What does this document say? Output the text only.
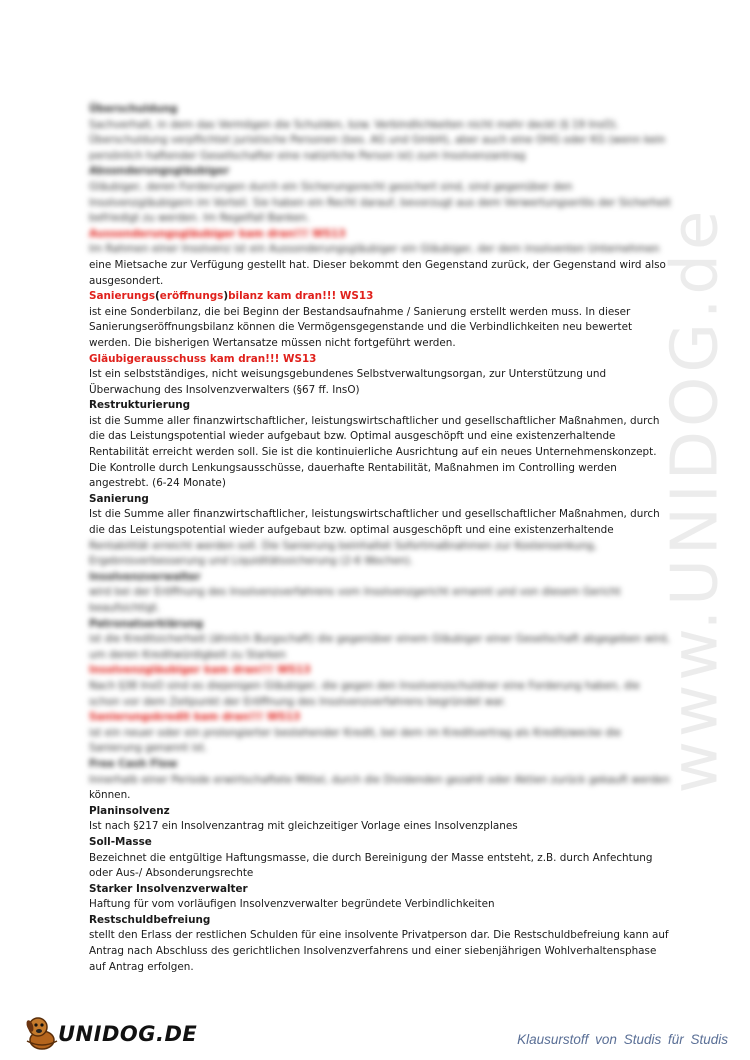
www.UNIDOG.de
Überschuldung
Sachverhalt, in dem das Vermögen die Schulden, bzw. Verbindlichkeiten nicht mehr deckt (§ 19 InsO).
Überschuldung verpflichtet juristische Personen (bes. AG und GmbH), aber auch eine OHG oder KG (wenn kein
persönlich haftender Gesellschafter eine natürliche Person ist) zum Insolvenzantrag
Absonderungsgläubiger
Gläubiger, deren Forderungen durch ein Sicherungsrecht gesichert sind, sind gegenüber den
Insolvenzgläubigern im Vorteil. Sie haben ein Recht darauf, bevorzugt aus dem Verwertungserlös der Sicherheit
befriedigt zu werden. Im Regelfall Banken.
Aussonderungsgläubiger kam dran!!! WS13
Im Rahmen einer Insolvenz ist ein Aussonderungsgläubiger ein Gläubiger, der dem insolventen Unternehmen
eine Mietsache zur Verfügung gestellt hat. Dieser bekommt den Gegenstand zurück, der Gegenstand wird also
ausgesondert.
Sanierungs(eröffnungs)bilanz kam dran!!! WS13
ist eine Sonderbilanz, die bei Beginn der Bestandsaufnahme / Sanierung erstellt werden muss. In dieser
Sanierungseröffnungsbilanz können die Vermögensgegenstande und die Verbindlichkeiten neu bewertet
werden. Die bisherigen Wertansatze müssen nicht fortgeführt werden.
Gläubigerausschuss kam dran!!! WS13
Ist ein selbstständiges, nicht weisungsgebundenes Selbstverwaltungsorgan, zur Unterstützung und
Überwachung des Insolvenzverwalters (§67 ff. InsO)
Restrukturierung
ist die Summe aller finanzwirtschaftlicher, leistungswirtschaftlicher und gesellschaftlicher Maßnahmen, durch
die das Leistungspotential wieder aufgebaut bzw. Optimal ausgeschöpft und eine existenzerhaltende
Rentabilität erreicht werden soll. Sie ist die kontinuierliche Ausrichtung auf ein neues Unternehmenskonzept.
Die Kontrolle durch Lenkungsausschüsse, dauerhafte Rentabilität, Maßnahmen im Controlling werden
angestrebt. (6-24 Monate)
Sanierung
Ist die Summe aller finanzwirtschaftlicher, leistungswirtschaftlicher und gesellschaftlicher Maßnahmen, durch
die das Leistungspotential wieder aufgebaut bzw. optimal ausgeschöpft und eine existenzerhaltende
Rentabilität erreicht werden soll. Die Sanierung beinhaltet Sofortmaßnahmen zur Kostensenkung,
Ergebnisverbesserung und Liquiditätssicherung (2-6 Wochen).
Insolvenzverwalter
wird bei der Eröffnung des Insolvenzverfahrens vom Insolvenzgericht ernannt und von diesem Gericht
beaufsichtigt.
Patronatserklärung
ist die Kreditsicherheit (ähnlich Burgschaft) die gegenüber einem Gläubiger einer Gesellschaft abgegeben wird,
um deren Kreditwürdigkeit zu Starken
Insolvenzgläubiger kam dran!!! WS13
Nach §38 InsO sind es diejenigen Gläubiger, die gegen den Insolvenzschuldner eine Forderung haben, die
schon vor dem Zeitpunkt der Eröffnung des Insolvenzverfahrens begründet war.
Sanierungskredit kam dran!!! WS13
ist ein neuer oder ein prolongierter bestehender Kredit, bei dem im Kreditvertrag als Kreditzwecke die
Sanierung genannt ist.
Free Cash Flow
Innerhalb einer Periode erwirtschaftete Mittel, durch die Dividenden gezahlt oder Aktien zurück gekauft werden
können.
Planinsolvenz
Ist nach §217 ein Insolvenzantrag mit gleichzeitiger Vorlage eines Insolvenzplanes
Soll-Masse
Bezeichnet die entgültige Haftungsmasse, die durch Bereinigung der Masse entsteht, z.B. durch Anfechtung
oder Aus-/ Absonderungsrechte
Starker Insolvenzverwalter
Haftung für vom vorläufigen Insolvenzverwalter begründete Verbindlichkeiten
Restschuldbefreiung
stellt den Erlass der restlichen Schulden für eine insolvente Privatperson dar. Die Restschuldbefreiung kann auf
Antrag nach Abschluss des gerichtlichen Insolvenzverfahrens und einer siebenjährigen Wohlverhaltensphase
auf Antrag erfolgen.
UNIDOG.DE	Klausurstoff von Studis für Studis
